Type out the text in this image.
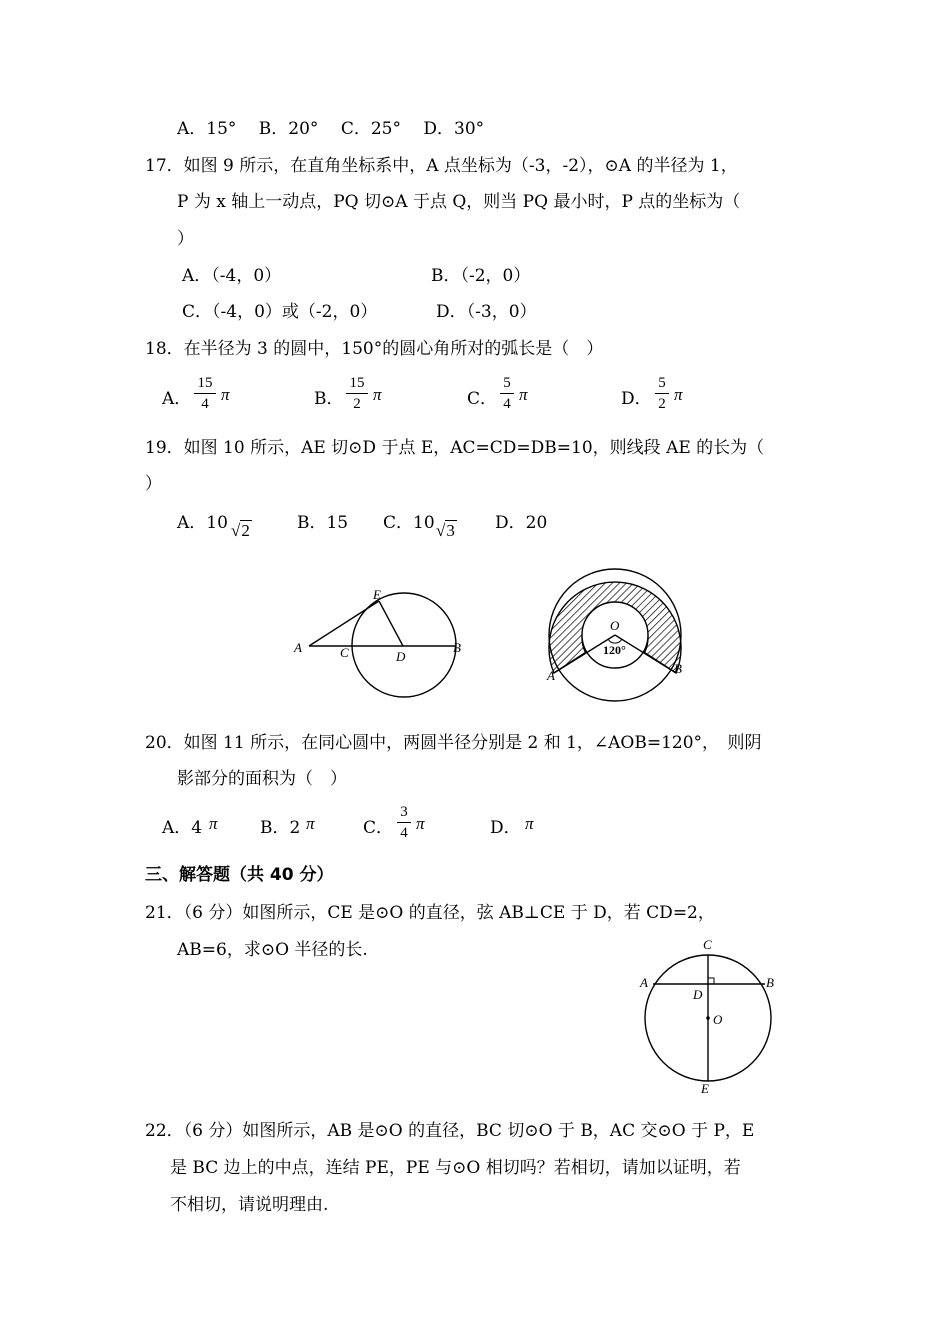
A．15°　 B．20°　 C．25°　 D．30°
17．如图 9 所示，在直角坐标系中，A 点坐标为（-3，-2），⊙A 的半径为 1，
P 为 x 轴上一动点，PQ 切⊙A 于点 Q，则当 PQ 最小时，P 点的坐标为（
）
A．（-4，0）	B．（-2，0）
C．（-4，0）或（-2，0）	D．（-3，0）
18．在半径为 3 的圆中，150°的圆心角所对的弧长是（　）
A．
15
4 π	B．
15
2 π	C．
5
4 π	D．
5
2 π
19．如图 10 所示，AE 切⊙D 于点 E，AC=CD=DB=10，则线段 AE 的长为（
）
A．10 √2	B．15 C．10 √3 D．20
A	C	D
B
E
O
120°
A	B
20．如图 11 所示，在同心圆中，两圆半径分别是 2 和 1，∠AOB=120°，　则阴
影部分的面积为（　）
A．4 π B．2 π	C．
3
4 π	D． π
三、解答题（共 40 分）
21．（6 分）如图所示，CE 是⊙O 的直径，弦 AB⊥CE 于 D，若 CD=2，
AB=6，求⊙O 半径的长.	C
A	B
D
O
E
22．（6 分）如图所示，AB 是⊙O 的直径，BC 切⊙O 于 B，AC 交⊙O 于 P，E
是 BC 边上的中点，连结 PE，PE 与⊙O 相切吗？若相切，请加以证明，若
不相切，请说明理由.
